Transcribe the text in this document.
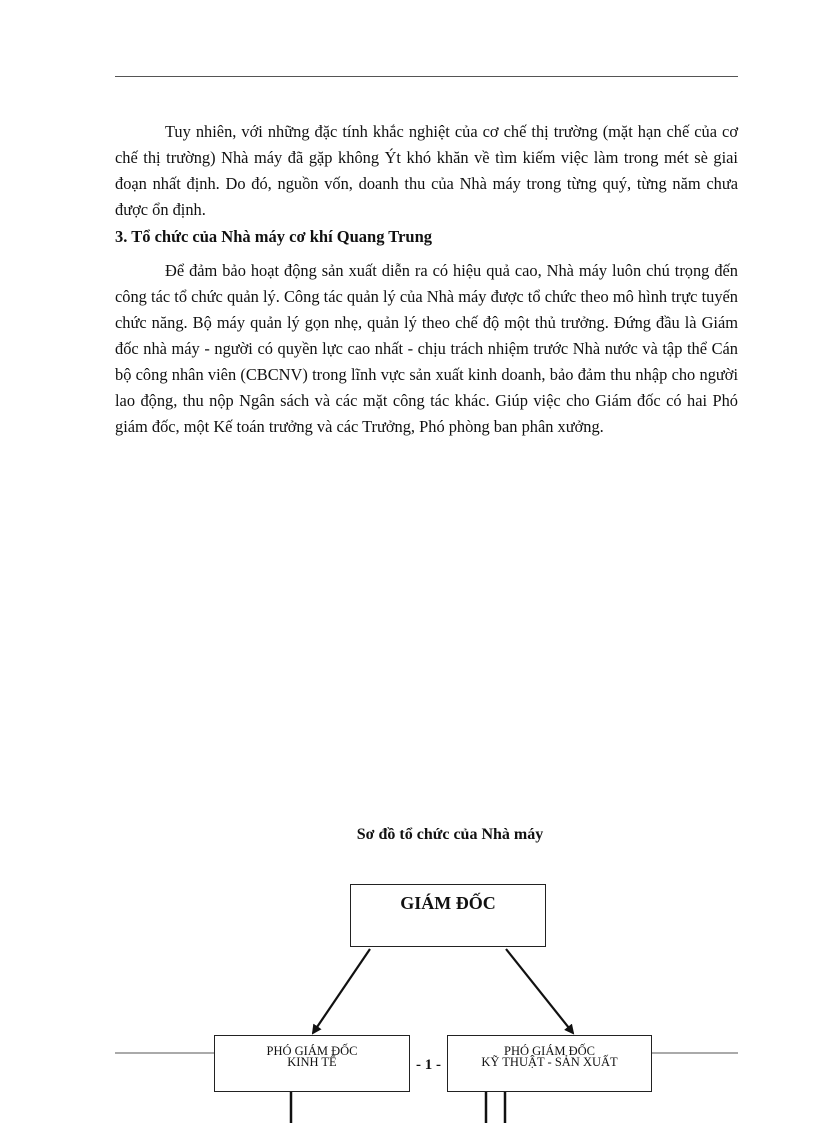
Tuy nhiên, với những đặc tính khắc nghiệt của cơ chế thị trường (mặt hạn chế của cơ chế thị trường) Nhà máy đã gặp không Ýt khó khăn về tìm kiếm việc làm trong mét sè giai đoạn nhất định. Do đó, nguồn vốn, doanh thu của Nhà máy trong từng quý, từng năm chưa được ổn định.

3. Tổ chức của Nhà máy cơ khí Quang Trung

Để đảm bảo hoạt động sản xuất diễn ra có hiệu quả cao, Nhà máy luôn chú trọng đến công tác tổ chức quản lý. Công tác quản lý của Nhà máy được tổ chức theo mô hình trực tuyến chức năng. Bộ máy quản lý gọn nhẹ, quản lý theo chế độ một thủ trưởng. Đứng đầu là Giám đốc nhà máy - người có quyền lực cao nhất - chịu trách nhiệm trước Nhà nước và tập thể Cán bộ công nhân viên (CBCNV) trong lĩnh vực sản xuất kinh doanh, bảo đảm thu nhập cho người lao động, thu nộp Ngân sách và các mặt công tác khác. Giúp việc cho Giám đốc có hai Phó giám đốc, một Kế toán trưởng và các Trưởng, Phó phòng ban phân xưởng.

Sơ đồ tổ chức của Nhà máy

GIÁM ĐỐC
PHÓ GIÁM ĐỐC
KINH TẾ	- 1 -
PHÓ GIÁM ĐỐC
KỸ THUẬT - SẢN XUẤT
